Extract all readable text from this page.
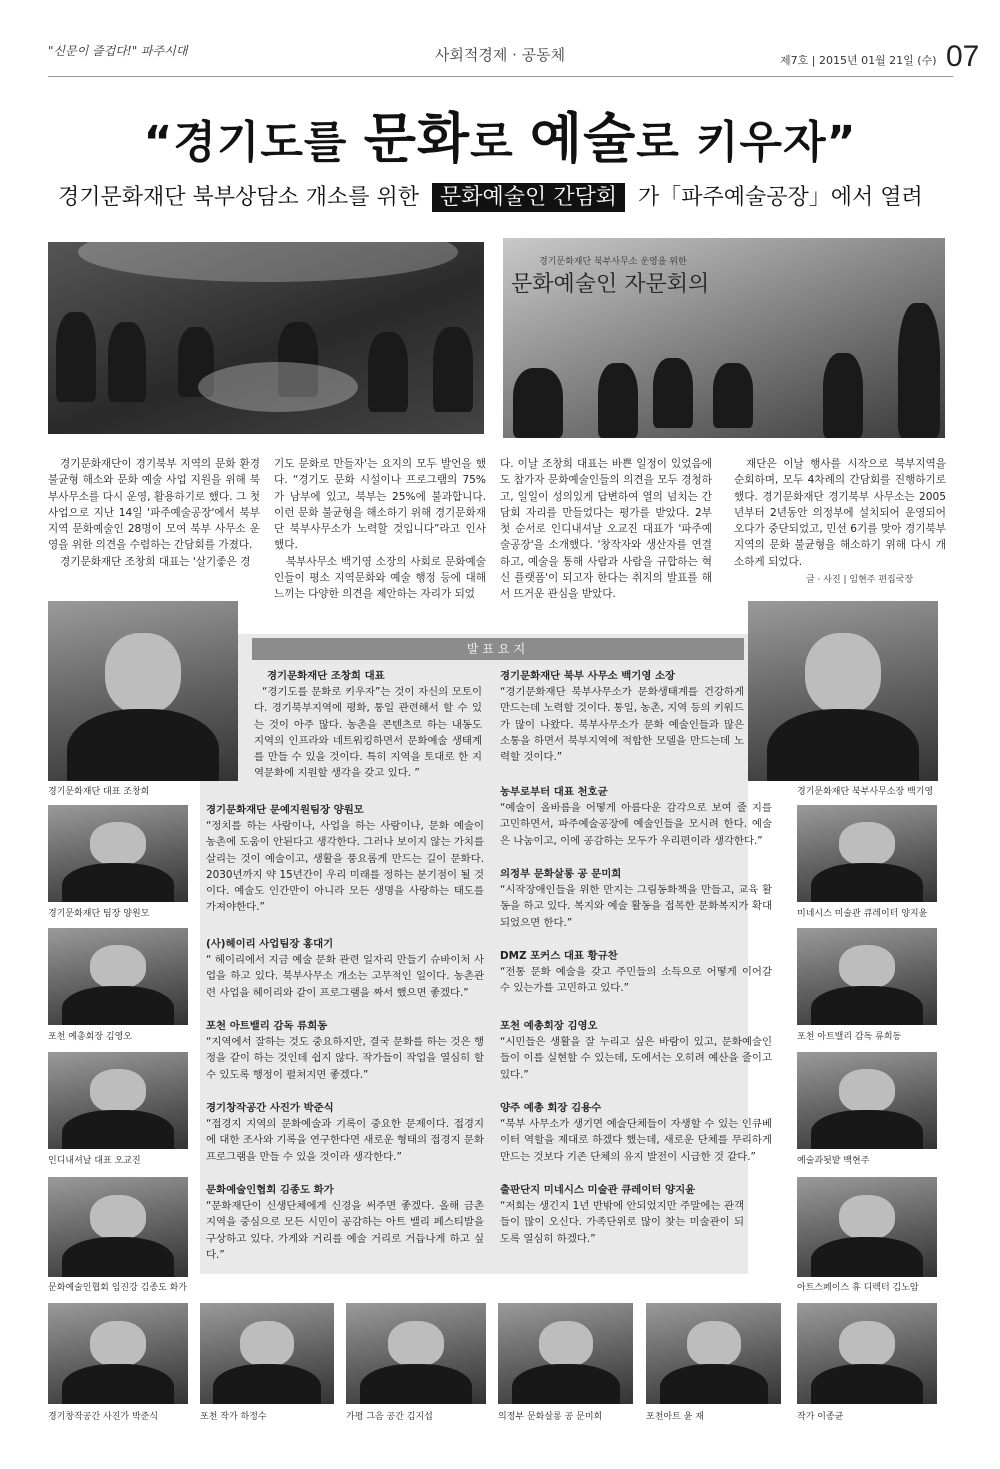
"신문이 즐겁다!" 파주시대	사회적경제 · 공동체	제7호 | 2015년 01월 21일 (수) 07
“경기도를 문화로 예술로 키우자”
경기문화재단 북부상담소 개소를 위한 문화예술인 간담회 가「파주예술공장」에서 열려
경기문화재단 북부사무소 운영을 위한
문화예술인 자문회의

경기문화재단이 경기북부 지역의 문화 환경 불균형 해소와 문화 예술 사업 지원을 위해 북부사무소를 다시 운영, 활용하기로 했다. 그 첫 사업으로 지난 14일 '파주예술공장'에서 북부지역 문화예술인 28명이 모여 북부 사무소 운영을 위한 의견을 수렴하는 간담회를 가졌다.

경기문화재단 조창희 대표는 '살기좋은 경

기도 문화로 만들자'는 요지의 모두 발언을 했다. “경기도 문화 시설이나 프로그램의 75%가 남부에 있고, 북부는 25%에 불과합니다. 이런 문화 불균형을 해소하기 위해 경기문화재단 북부사무소가 노력할 것입니다”라고 인사했다.

북부사무소 백기영 소장의 사회로 문화예술인들이 평소 지역문화와 예술 행정 등에 대해 느끼는 다양한 의견을 제안하는 자리가 되었

다. 이날 조창희 대표는 바쁜 일정이 있었음에도 참가자 문화예술인들의 의견을 모두 경청하고, 일일이 성의있게 답변하여 열의 넘치는 간담회 자리를 만들었다는 평가를 받았다. 2부 첫 순서로 인디내셔날 오교진 대표가 '파주예술공장'을 소개했다. '창작자와 생산자를 연결하고, 예술을 통해 사람과 사람을 규합하는 혁신 플랫폼'이 되고자 한다는 취지의 발표를 해서 뜨거운 관심을 받았다.

재단은 이날 행사를 시작으로 북부지역을 순회하며, 모두 4차례의 간담회를 진행하기로 했다. 경기문화재단 경기북부 사무소는 2005년부터 2년동안 의정부에 설치되어 운영되어 오다가 중단되었고, 민선 6기를 맞아 경기북부 지역의 문화 불균형을 해소하기 위해 다시 개소하게 되었다.

글 · 사진 | 임현주 편집국장
발표요지
경기문화재단 조창희 대표
“경기도를 문화로 키우자”는 것이 자신의 모토이다. 경기북부지역에 평화, 통일 관련해서 할 수 있는 것이 아주 많다. 농촌을 콘텐츠로 하는 내동도 지역의 인프라와 네트워킹하면서 문화예술 생태계를 만들 수 있을 것이다. 특히 지역을 토대로 한 지역문화에 지원할 생각을 갖고 있다. ”
경기문화재단 문예지원팀장 양원모
“정치를 하는 사람이나, 사업을 하는 사람이나, 문화 예술이 농촌에 도움이 안된다고 생각한다. 그러나 보이지 않는 가치를 살리는 것이 예술이고, 생활을 풍요롭게 만드는 길이 문화다. 2030년까지 약 15년간이 우리 미래를 정하는 분기점이 될 것이다. 예술도 인간만이 아니라 모든 생명을 사랑하는 태도를 가져야한다.”
(사)헤이리 사업팀장 홍대기
“ 헤이리에서 지금 예술 문화 관련 일자리 만들기 슈바이처 사업을 하고 있다. 북부사무소 개소는 고무적인 일이다. 농촌관련 사업을 헤이리와 같이 프로그램을 짜서 했으면 좋겠다.”
포천 아트밸리 감독 류희동
“지역에서 잘하는 것도 중요하지만, 결국 문화를 하는 것은 행정을 같이 하는 것인데 쉽지 않다. 작가들이 작업을 열심히 할 수 있도록 행정이 펼쳐지면 좋겠다.”
경기창작공간 사진가 박준식
“접경지 지역의 문화예술과 기록이 중요한 문제이다. 접경지에 대한 조사와 기록을 연구한다면 새로운 형태의 접경지 문화 프로그램을 만들 수 있을 것이라 생각한다.”
문화예술인협회 김종도 화가
“문화재단이 신생단체에게 신경을 써주면 좋겠다. 올해 금촌지역을 중심으로 모든 시민이 공감하는 아트 밸리 페스티발을 구상하고 있다. 가게와 거리를 예술 거리로 거듭나게 하고 싶다.”
경기문화재단 북부 사무소 백기영 소장
“경기문화재단 북부사무소가 문화생태계를 건강하게 만드는데 노력할 것이다. 통일, 농촌, 지역 등의 키워드가 많이 나왔다. 북부사무소가 문화 예술인들과 많은 소통을 하면서 북부지역에 적합한 모델을 만드는데 노력할 것이다.”
농부로부터 대표 천호균
“예술이 올바름을 어떻게 아름다운 감각으로 보여 줄 지를 고민하면서, 파주예술공장에 예술인들을 모시려 한다. 예술은 나눔이고, 이에 공감하는 모두가 우리편이라 생각한다.”
의정부 문화살롱 공 문미희
“시작장애인들을 위한 만지는 그림동화책을 만들고, 교육 활동을 하고 있다. 복지와 예술 활동을 접목한 문화복지가 확대되었으면 한다.”
DMZ 포커스 대표 황규찬
“전통 문화 예술을 갖고 주민들의 소득으로 어떻게 이어갈 수 있는가를 고민하고 있다.”
포천 예총회장 김영오
“시민들은 생활을 잘 누리고 싶은 바람이 있고, 문화예술인들이 이를 실현할 수 있는데, 도에서는 오히려 예산을 줄이고 있다.”
양주 예총 회장 김용수
“북부 사무소가 생기면 예술단체들이 자생할 수 있는 인큐베이터 역할을 제대로 하겠다 했는데, 새로운 단체를 무리하게 만드는 것보다 기존 단체의 유지 발전이 시급한 것 같다.”
출판단지 미네시스 미술관 큐레이터 양지윤
“저희는 생긴지 1년 반밖에 안되었지만 주말에는 관객들이 많이 오신다. 가족단위로 많이 찾는 미술관이 되도록 열심히 하겠다.”
경기문화재단 대표 조창희
경기문화재단 팀장 양원모
포천 예총회장 김영오
인디내셔날 대표 오교진
문화예술인협회 임진강 김종도 화가
경기문화재단 북부사무소장 백기영
미네시스 미술관 큐레이터 양지윤
포천 아트밸리 감독 류희동
예술과됫밭 백현주
아트스페이스 휴 디렉터 김노암
경기창작공간 사진가 박준식	포천 작가 하정수	가평 그음 공간 김지섭	의정부 문화살롱 공 문미희	포천아트 윤 재	작가 이종균
